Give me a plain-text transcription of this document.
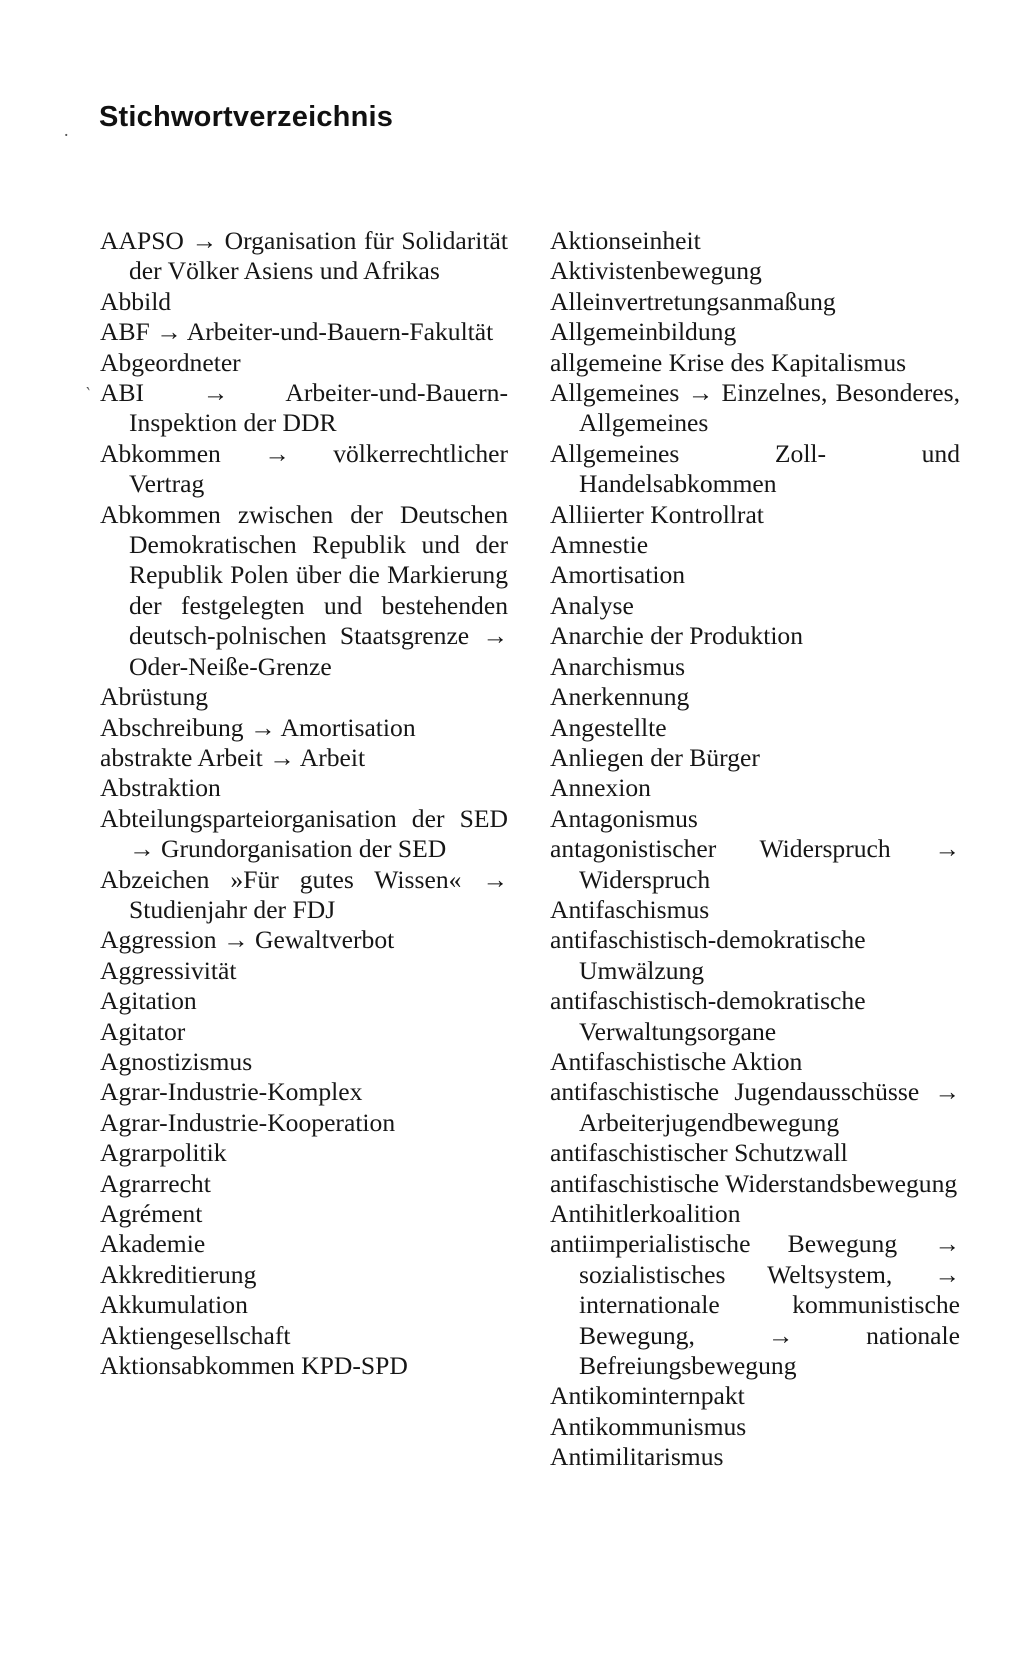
Stichwortverzeichnis
.
‵
AAPSO → Organisation für Solidarität der Völker Asiens und Afrikas
Abbild
ABF → Arbeiter-und-Bauern-Fakultät
Abgeordneter
ABI → Arbeiter-und-Bauern-Inspektion der DDR
Abkommen → völkerrechtlicher Vertrag
Abkommen zwischen der Deutschen Demokratischen Republik und der Republik Polen über die Markierung der festgelegten und bestehenden deutsch-polnischen Staatsgrenze → Oder-Neiße-Grenze
Abrüstung
Abschreibung → Amortisation
abstrakte Arbeit → Arbeit
Abstraktion
Abteilungsparteiorganisation der SED → Grundorganisation der SED
Abzeichen »Für gutes Wissen« → Studienjahr der FDJ
Aggression → Gewaltverbot
Aggressivität
Agitation
Agitator
Agnostizismus
Agrar-Industrie-Komplex
Agrar-Industrie-Kooperation
Agrarpolitik
Agrarrecht
Agrément
Akademie
Akkreditierung
Akkumulation
Aktiengesellschaft
Aktionsabkommen KPD-SPD
Aktionseinheit
Aktivistenbewegung
Alleinvertretungsanmaßung
Allgemeinbildung
allgemeine Krise des Kapitalismus
Allgemeines → Einzelnes, Besonderes, Allgemeines
Allgemeines Zoll- und Handelsabkommen
Alliierter Kontrollrat
Amnestie
Amortisation
Analyse
Anarchie der Produktion
Anarchismus
Anerkennung
Angestellte
Anliegen der Bürger
Annexion
Antagonismus
antagonistischer Widerspruch → Widerspruch
Antifaschismus
antifaschistisch-demokratische Umwälzung
antifaschistisch-demokratische Verwaltungsorgane
Antifaschistische Aktion
antifaschistische Jugendausschüsse → Arbeiterjugendbewegung
antifaschistischer Schutzwall
antifaschistische Widerstandsbewegung
Antihitlerkoalition
antiimperialistische Bewegung → sozialistisches Weltsystem, → internationale kommunistische Bewegung, → nationale Befreiungsbewegung
Antikominternpakt
Antikommunismus
Antimilitarismus
